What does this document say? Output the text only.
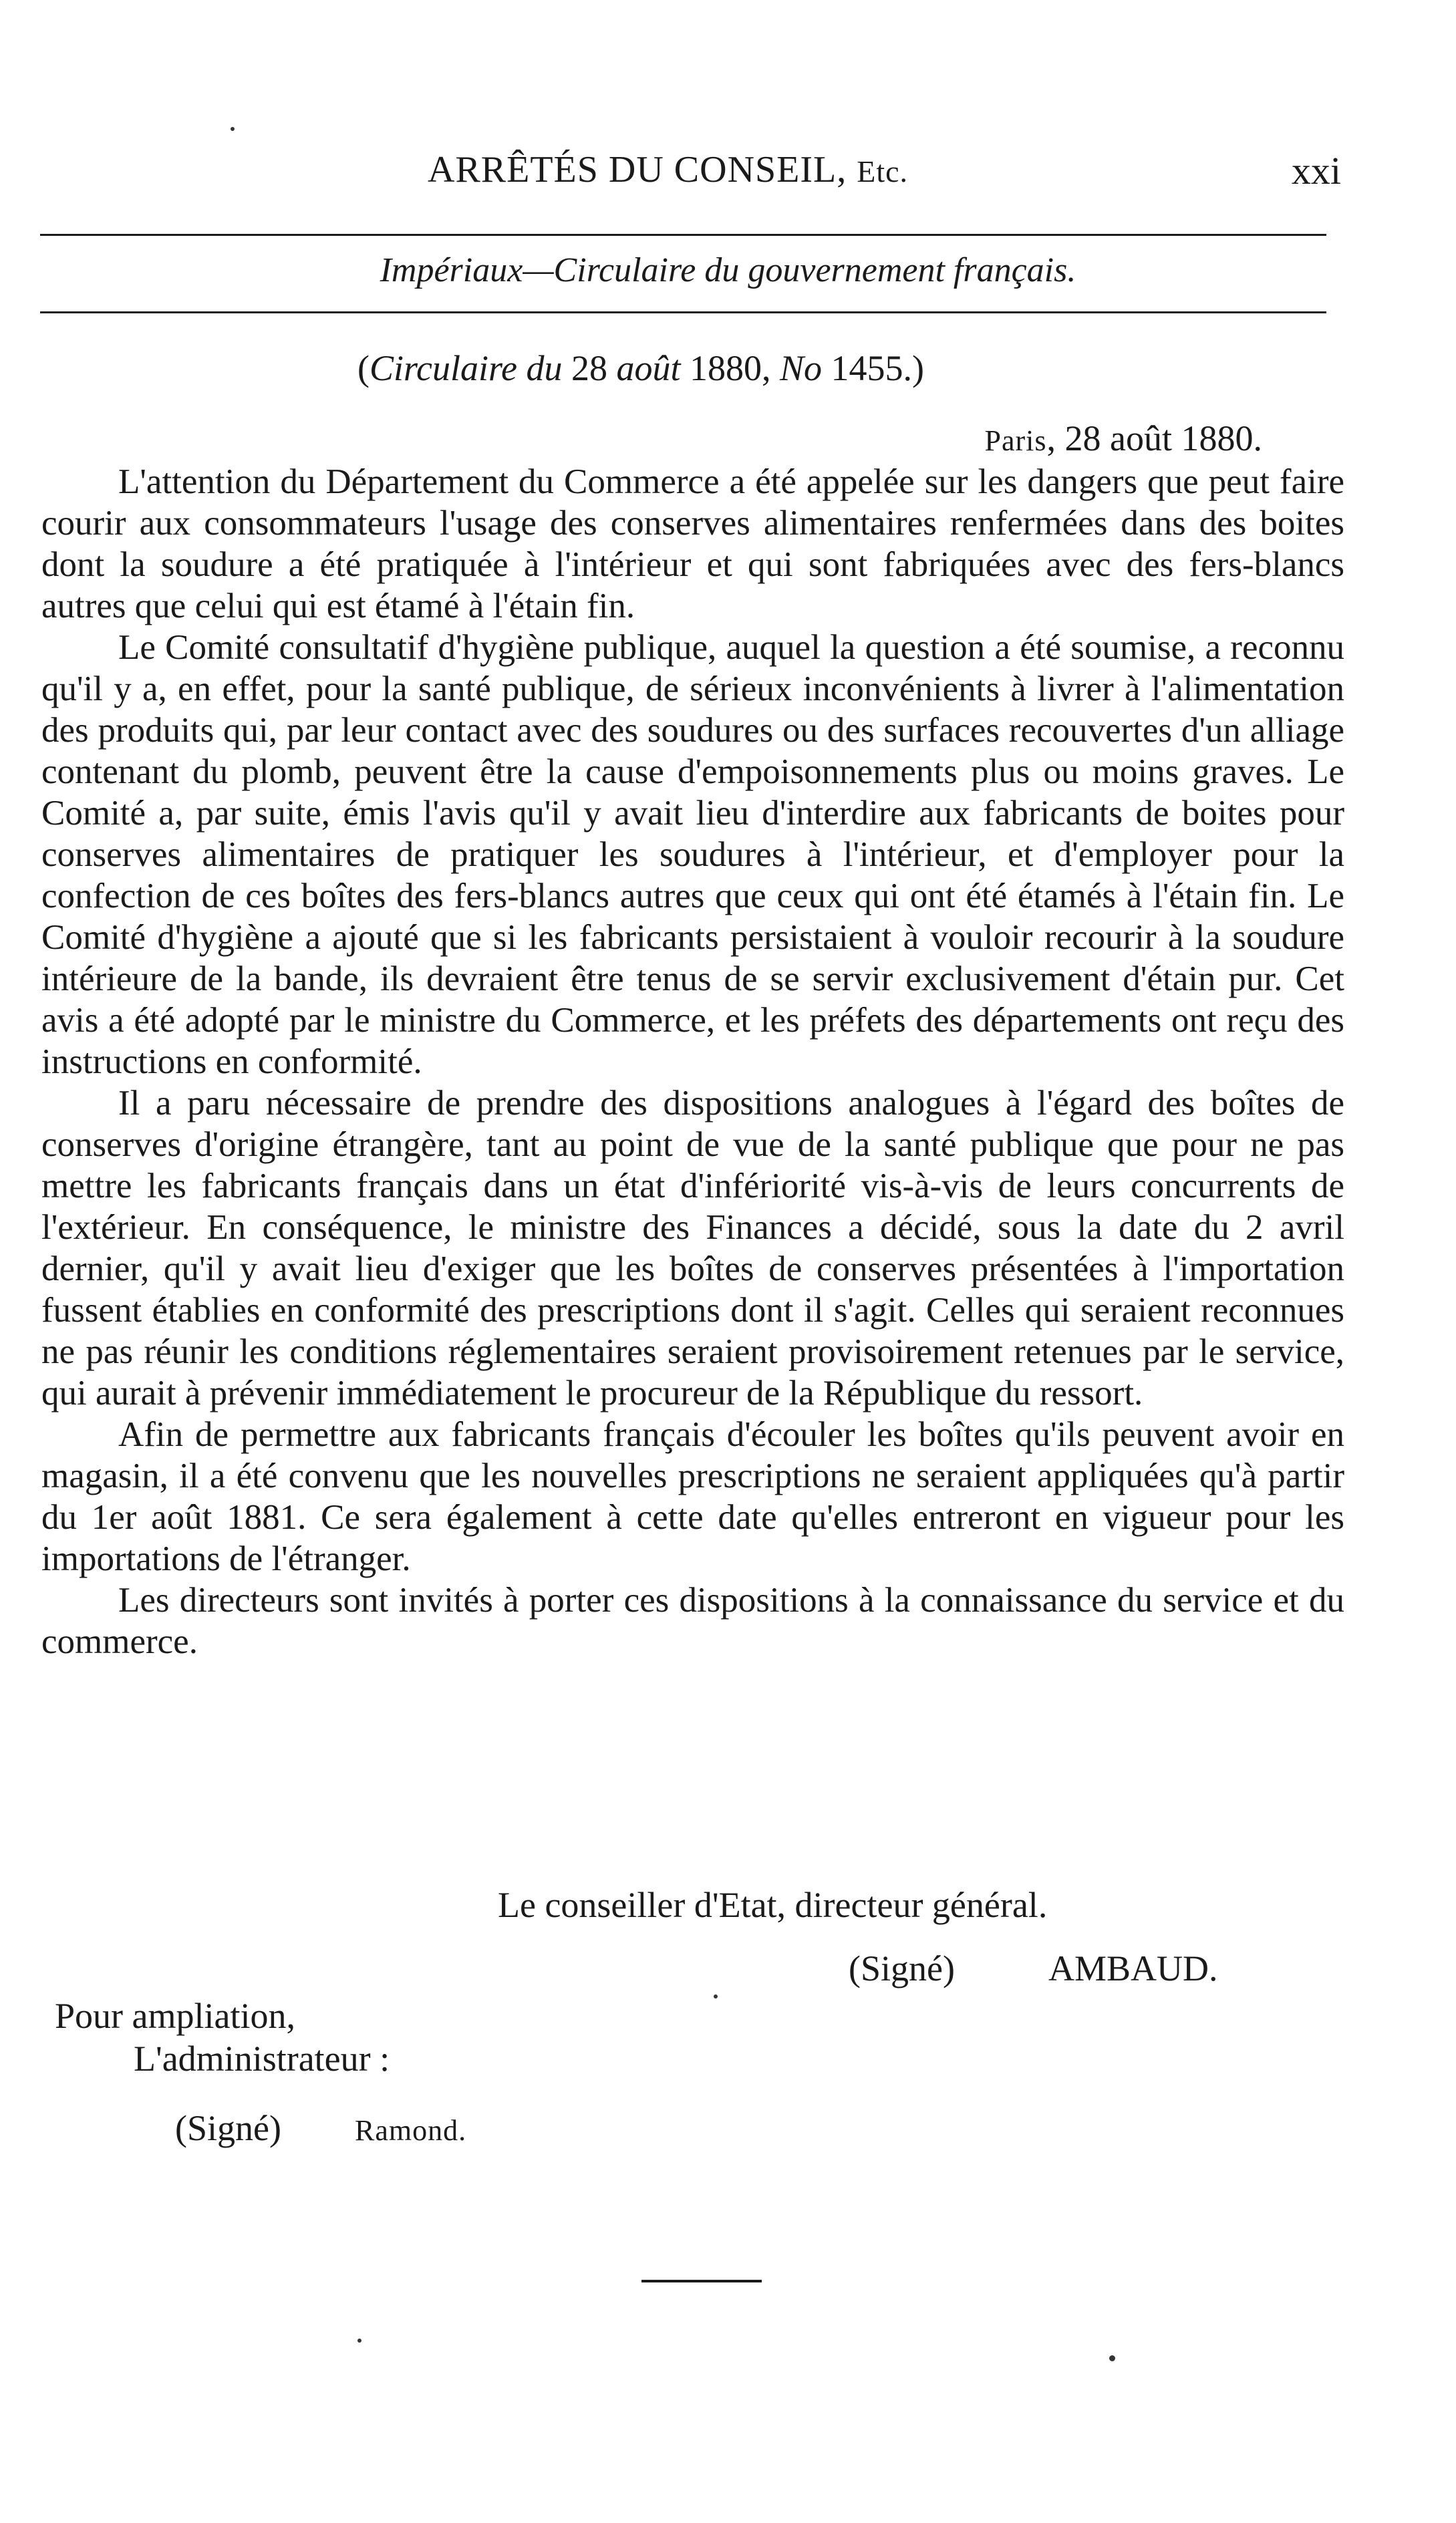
ARRÊTÉS DU CONSEIL, Etc.	xxi
Impériaux—Circulaire du gouvernement français.
(Circulaire du 28 août 1880, No 1455.)
Paris, 28 août 1880.

L'attention du Département du Commerce a été appelée sur les dangers que peut faire courir aux consommateurs l'usage des conserves alimentaires renfermées dans des boites dont la soudure a été pratiquée à l'intérieur et qui sont fabriquées avec des fers-blancs autres que celui qui est étamé à l'étain fin.

Le Comité consultatif d'hygiène publique, auquel la question a été soumise, a reconnu qu'il y a, en effet, pour la santé publique, de sérieux inconvénients à livrer à l'alimentation des produits qui, par leur contact avec des soudures ou des surfaces recouvertes d'un alliage contenant du plomb, peuvent être la cause d'empoisonnements plus ou moins graves. Le Comité a, par suite, émis l'avis qu'il y avait lieu d'interdire aux fabricants de boites pour conserves alimentaires de pratiquer les soudures à l'intérieur, et d'employer pour la confection de ces boîtes des fers-blancs autres que ceux qui ont été étamés à l'étain fin. Le Comité d'hygiène a ajouté que si les fabricants persistaient à vouloir recourir à la soudure intérieure de la bande, ils devraient être tenus de se servir exclusivement d'étain pur. Cet avis a été adopté par le ministre du Commerce, et les préfets des départements ont reçu des instructions en conformité.

Il a paru nécessaire de prendre des dispositions analogues à l'égard des boîtes de conserves d'origine étrangère, tant au point de vue de la santé publique que pour ne pas mettre les fabricants français dans un état d'infériorité vis-à-vis de leurs concurrents de l'extérieur. En conséquence, le ministre des Finances a décidé, sous la date du 2 avril dernier, qu'il y avait lieu d'exiger que les boîtes de conserves présentées à l'importation fussent établies en conformité des prescriptions dont il s'agit. Celles qui seraient reconnues ne pas réunir les conditions réglementaires seraient provisoirement retenues par le service, qui aurait à prévenir immédiatement le procureur de la République du ressort.

Afin de permettre aux fabricants français d'écouler les boîtes qu'ils peuvent avoir en magasin, il a été convenu que les nouvelles prescriptions ne seraient appliquées qu'à partir du 1er août 1881. Ce sera également à cette date qu'elles entreront en vigueur pour les importations de l'étranger.

Les directeurs sont invités à porter ces dispositions à la connaissance du service et du commerce.

Le conseiller d'Etat, directeur général.
(Signé)	AMBAUD.
Pour ampliation,
L'administrateur :
(Signé)	Ramond.
